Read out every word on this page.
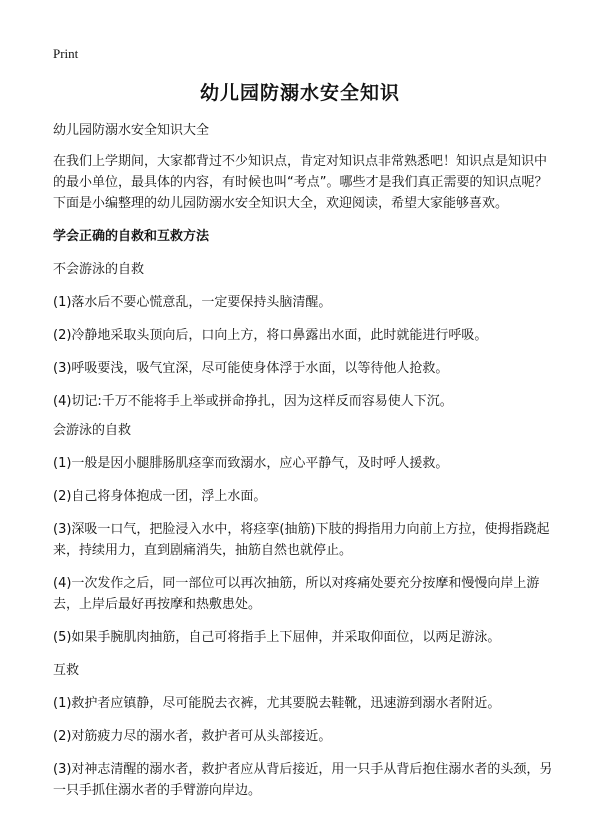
Print
幼儿园防溺水安全知识

幼儿园防溺水安全知识大全

在我们上学期间，大家都背过不少知识点，肯定对知识点非常熟悉吧！知识点是知识中的最小单位，最具体的内容，有时候也叫“考点”。哪些才是我们真正需要的知识点呢？下面是小编整理的幼儿园防溺水安全知识大全，欢迎阅读，希望大家能够喜欢。

学会正确的自救和互救方法

不会游泳的自救

(1)落水后不要心慌意乱，一定要保持头脑清醒。

(2)冷静地采取头顶向后，口向上方，将口鼻露出水面，此时就能进行呼吸。

(3)呼吸要浅，吸气宜深，尽可能使身体浮于水面，以等待他人抢救。

(4)切记:千万不能将手上举或拼命挣扎，因为这样反而容易使人下沉。

会游泳的自救

(1)一般是因小腿腓肠肌痉挛而致溺水，应心平静气，及时呼人援救。

(2)自己将身体抱成一团，浮上水面。

(3)深吸一口气，把脸浸入水中，将痉挛(抽筋)下肢的拇指用力向前上方拉，使拇指跷起来，持续用力，直到剧痛消失，抽筋自然也就停止。

(4)一次发作之后，同一部位可以再次抽筋，所以对疼痛处要充分按摩和慢慢向岸上游去，上岸后最好再按摩和热敷患处。

(5)如果手腕肌肉抽筋，自己可将指手上下屈伸，并采取仰面位，以两足游泳。

互救

(1)救护者应镇静，尽可能脱去衣裤，尤其要脱去鞋靴，迅速游到溺水者附近。

(2)对筋疲力尽的溺水者，救护者可从头部接近。

(3)对神志清醒的溺水者，救护者应从背后接近，用一只手从背后抱住溺水者的头颈，另一只手抓住溺水者的手臂游向岸边。
